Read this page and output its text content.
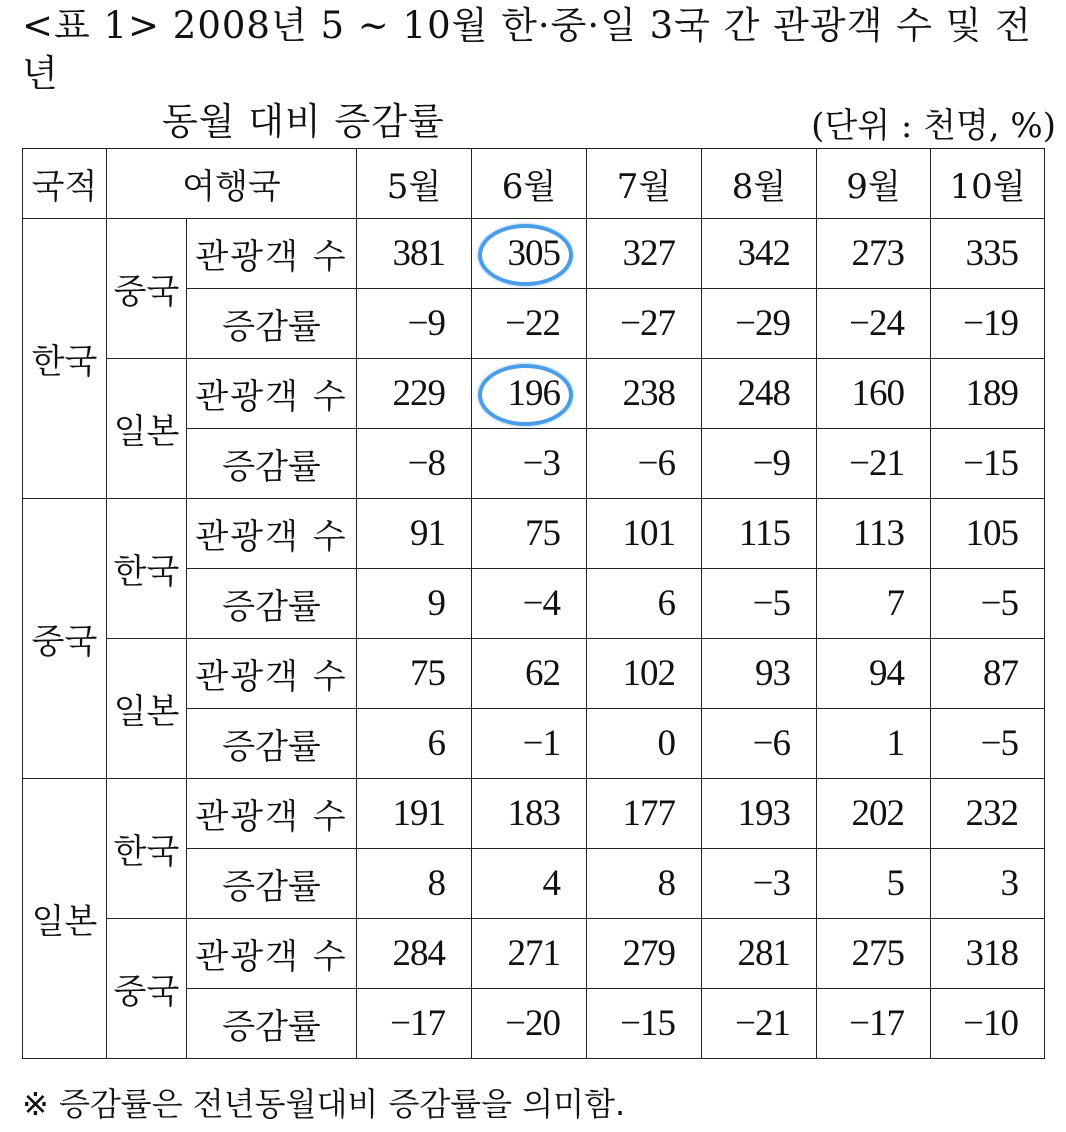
<표 1> 2008년 5 ~ 10월 한·중·일 3국 간 관광객 수 및 전년
동월 대비 증감률	(단위 : 천명, %)
국적	여행국		5월	6월	7월	8월	9월	10월
한국	중국	관광객 수	381	305	327	342	273	335
		증감률	−9	−22	−27	−29	−24	−19
	일본	관광객 수	229	196	238	248	160	189
		증감률	−8	−3	−6	−9	−21	−15
중국	한국	관광객 수	91	75	101	115	113	105
		증감률	9	−4	6	−5	7	−5
	일본	관광객 수	75	62	102	93	94	87
		증감률	6	−1	0	−6	1	−5
일본	한국	관광객 수	191	183	177	193	202	232
		증감률	8	4	8	−3	5	3
	중국	관광객 수	284	271	279	281	275	318
		증감률	−17	−20	−15	−21	−17	−10
※ 증감률은 전년동월대비 증감률을 의미함.
